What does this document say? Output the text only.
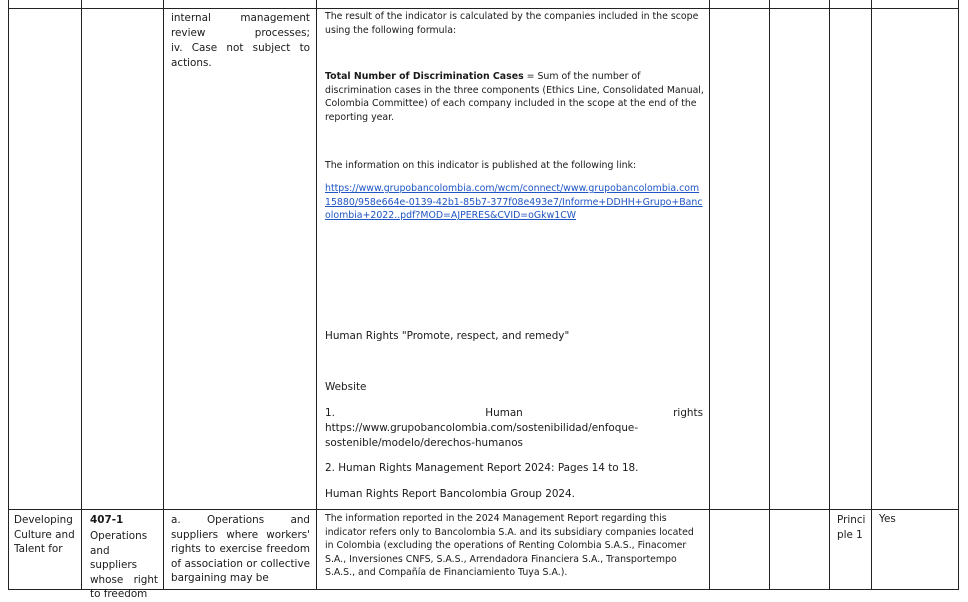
internal management
review processes;
iv. Case not subject to
actions.
The result of the indicator is calculated by the companies included in the scope using the following formula:
Total Number of Discrimination Cases = Sum of the number of discrimination cases in the three components (Ethics Line, Consolidated Manual, Colombia Committee) of each company included in the scope at the end of the reporting year.
The information on this indicator is published at the following link:
https://www.grupobancolombia.com/wcm/connect/www.grupobancolombia.com15880/958e664e-0139-42b1-85b7-377f08e493e7/Informe+DDHH+Grupo+Bancolombia+2022..pdf?MOD=AJPERES&CVID=oGkw1CW
Human Rights "Promote, respect, and remedy"
Website
1.	Human	rights
https://www.grupobancolombia.com/sostenibilidad/enfoque-sostenible/modelo/derechos-humanos
2. Human Rights Management Report 2024: Pages 14 to 18.
Human Rights Report Bancolombia Group 2024.
Developing Culture and Talent for
407-1
Operations and suppliers whose right to freedom
a. Operations and suppliers where workers' rights to exercise freedom of association or collective bargaining may be
The information reported in the 2024 Management Report regarding this indicator refers only to Bancolombia S.A. and its subsidiary companies located in Colombia (excluding the operations of Renting Colombia S.A.S., Finacomer S.A., Inversiones CNFS, S.A.S., Arrendadora Financiera S.A., Transportempo S.A.S., and Compañía de Financiamiento Tuya S.A.).
Principle 1
Yes
